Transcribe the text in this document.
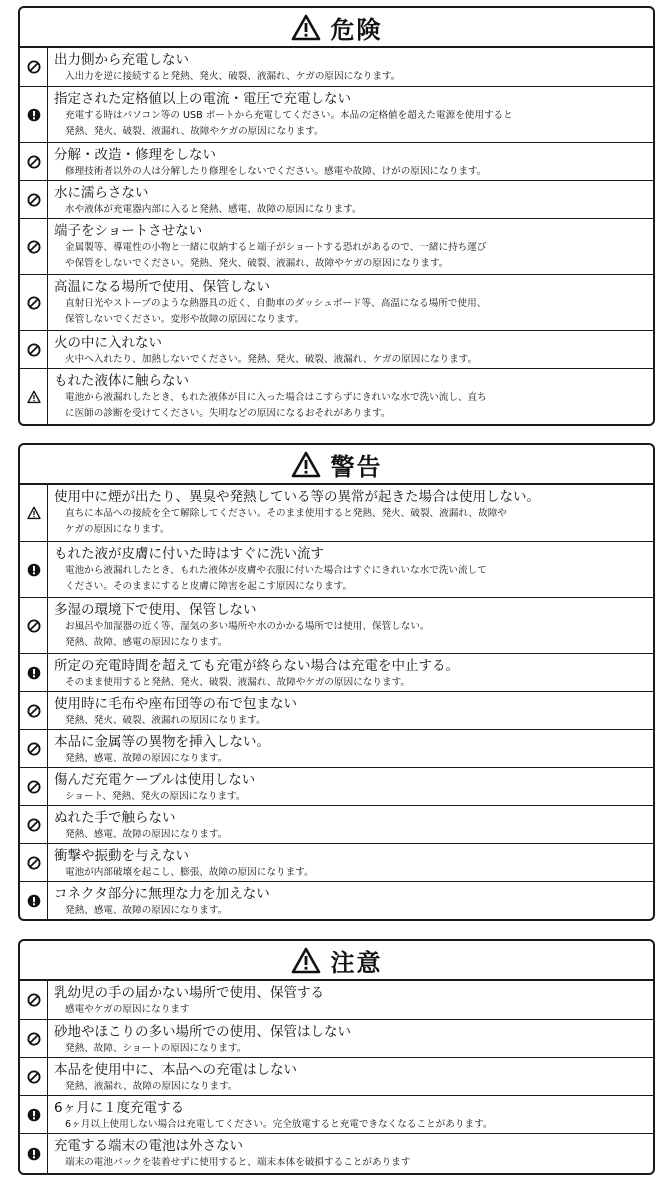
危険
出力側から充電しない
入出力を逆に接続すると発熱、発火、破裂、液漏れ、ケガの原因になります。
指定された定格値以上の電流・電圧で充電しない
充電する時はパソコン等の USB ポートから充電してください。本品の定格値を超えた電源を使用すると
発熱、発火、破裂、液漏れ、故障やケガの原因になります。
分解・改造・修理をしない
修理技術者以外の人は分解したり修理をしないでください。感電や故障、けがの原因になります。
水に濡らさない
水や液体が充電器内部に入ると発熱、感電、故障の原因になります。
端子をショートさせない
金属製等、導電性の小物と一緒に収納すると端子がショートする恐れがあるので、一緒に持ち運び
や保管をしないでください。発熱、発火、破裂、液漏れ、故障やケガの原因になります。
高温になる場所で使用、保管しない
直射日光やストーブのような熱器具の近く、自動車のダッシュボード等、高温になる場所で使用、
保管しないでください。変形や故障の原因になります。
火の中に入れない
火中へ入れたり、加熱しないでください。発熱、発火、破裂、液漏れ、ケガの原因になります。
もれた液体に触らない
電池から液漏れしたとき、もれた液体が目に入った場合はこすらずにきれいな水で洗い流し、直ち
に医師の診断を受けてください。失明などの原因になるおそれがあります。
警告
使用中に煙が出たり、異臭や発熱している等の異常が起きた場合は使用しない。
直ちに本品への接続を全て解除してください。そのまま使用すると発熱、発火、破裂、液漏れ、故障や
ケガの原因になります。
もれた液が皮膚に付いた時はすぐに洗い流す
電池から液漏れしたとき、もれた液体が皮膚や衣服に付いた場合はすぐにきれいな水で洗い流して
ください。そのままにすると皮膚に障害を起こす原因になります。
多湿の環境下で使用、保管しない
お風呂や加湿器の近く等、湿気の多い場所や水のかかる場所では使用、保管しない。
発熱、故障、感電の原因になります。
所定の充電時間を超えても充電が終らない場合は充電を中止する。
そのまま使用すると発熱、発火、破裂、液漏れ、故障やケガの原因になります。
使用時に毛布や座布団等の布で包まない
発熱、発火、破裂、液漏れの原因になります。
本品に金属等の異物を挿入しない。
発熱、感電、故障の原因になります。
傷んだ充電ケーブルは使用しない
ショート、発熱、発火の原因になります。
ぬれた手で触らない
発熱、感電、故障の原因になります。
衝撃や振動を与えない
電池が内部破壊を起こし、膨張、故障の原因になります。
コネクタ部分に無理な力を加えない
発熱、感電、故障の原因になります。
注意
乳幼児の手の届かない場所で使用、保管する
感電やケガの原因になります
砂地やほこりの多い場所での使用、保管はしない
発熱、故障、ショートの原因になります。
本品を使用中に、本品への充電はしない
発熱、液漏れ、故障の原因になります。
6ヶ月に１度充電する
6ヶ月以上使用しない場合は充電してください。完全放電すると充電できなくなることがあります。
充電する端末の電池は外さない
端末の電池パックを装着せずに使用すると、端末本体を破損することがあります
